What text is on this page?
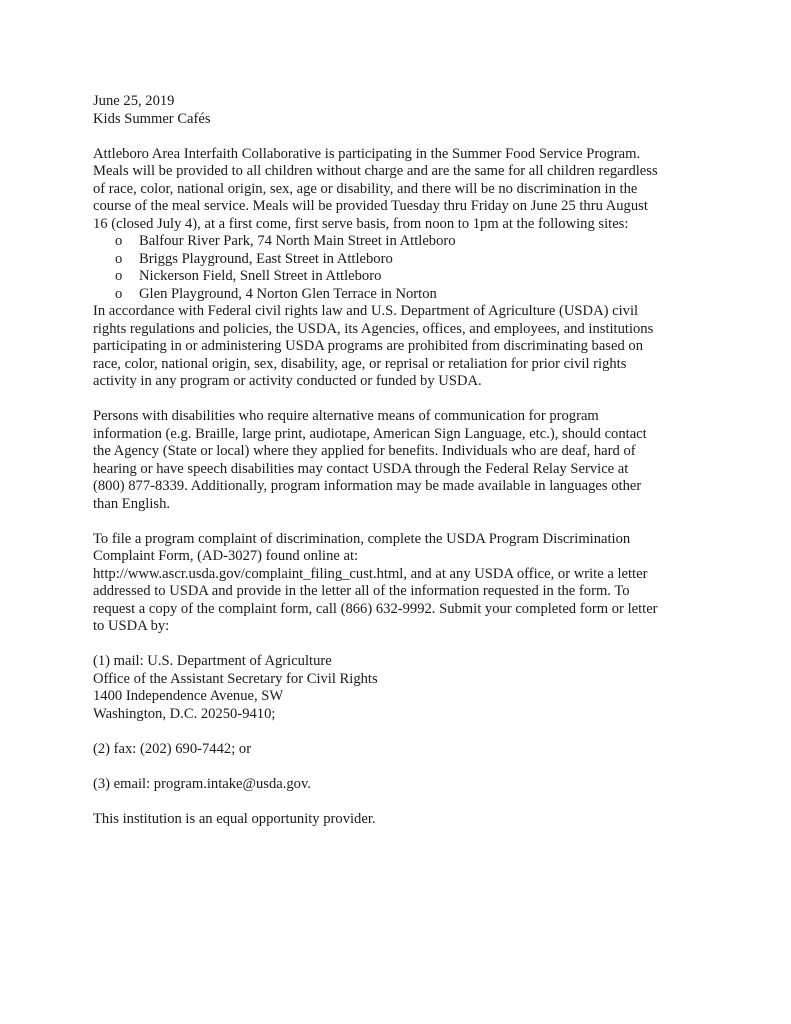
June 25, 2019
Kids Summer Cafés
Attleboro Area Interfaith Collaborative is participating in the Summer Food Service Program.
Meals will be provided to all children without charge and are the same for all children regardless
of race, color, national origin, sex, age or disability, and there will be no discrimination in the
course of the meal service. Meals will be provided Tuesday thru Friday on June 25 thru August
16 (closed July 4), at a first come, first serve basis, from noon to 1pm at the following sites:
o Balfour River Park, 74 North Main Street in Attleboro
o Briggs Playground, East Street in Attleboro
o Nickerson Field, Snell Street in Attleboro
o Glen Playground, 4 Norton Glen Terrace in Norton
In accordance with Federal civil rights law and U.S. Department of Agriculture (USDA) civil
rights regulations and policies, the USDA, its Agencies, offices, and employees, and institutions
participating in or administering USDA programs are prohibited from discriminating based on
race, color, national origin, sex, disability, age, or reprisal or retaliation for prior civil rights
activity in any program or activity conducted or funded by USDA.
Persons with disabilities who require alternative means of communication for program
information (e.g. Braille, large print, audiotape, American Sign Language, etc.), should contact
the Agency (State or local) where they applied for benefits. Individuals who are deaf, hard of
hearing or have speech disabilities may contact USDA through the Federal Relay Service at
(800) 877-8339. Additionally, program information may be made available in languages other
than English.
To file a program complaint of discrimination, complete the USDA Program Discrimination
Complaint Form, (AD-3027) found online at:
http://www.ascr.usda.gov/complaint_filing_cust.html, and at any USDA office, or write a letter
addressed to USDA and provide in the letter all of the information requested in the form. To
request a copy of the complaint form, call (866) 632-9992. Submit your completed form or letter
to USDA by:
(1) mail: U.S. Department of Agriculture
Office of the Assistant Secretary for Civil Rights
1400 Independence Avenue, SW
Washington, D.C. 20250-9410;
(2) fax: (202) 690-7442; or
(3) email: program.intake@usda.gov.
This institution is an equal opportunity provider.
